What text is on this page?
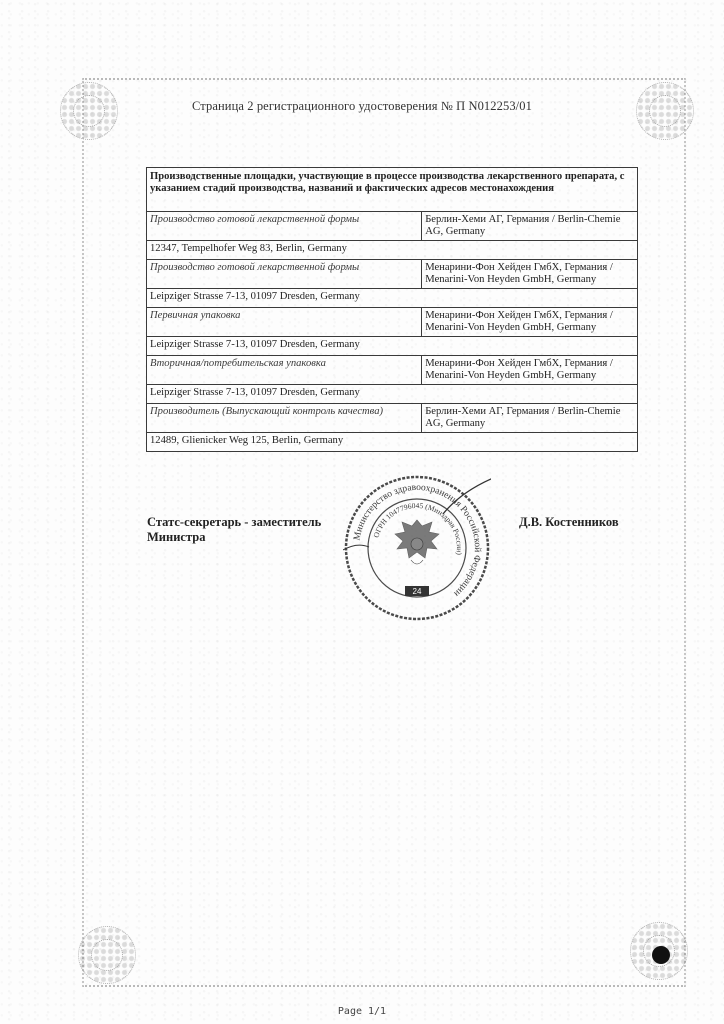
Страница 2 регистрационного удостоверения № П N012253/01
Производственные площадки, участвующие в процессе производства лекарственного препарата, с указанием стадий производства, названий и фактических адресов местонахождения	
Производство готовой лекарственной формы	Берлин-Хеми АГ, Германия / Berlin-Chemie AG, Germany
12347, Tempelhofer Weg 83, Berlin, Germany	
Производство готовой лекарственной формы	Менарини-Фон Хейден ГмбХ, Германия / Menarini-Von Heyden GmbH, Germany
Leipziger Strasse 7-13, 01097 Dresden, Germany	
Первичная упаковка	Менарини-Фон Хейден ГмбХ, Германия / Menarini-Von Heyden GmbH, Germany
Leipziger Strasse 7-13, 01097 Dresden, Germany	
Вторичная/потребительская упаковка	Менарини-Фон Хейден ГмбХ, Германия / Menarini-Von Heyden GmbH, Germany
Leipziger Strasse 7-13, 01097 Dresden, Germany	
Производитель (Выпускающий контроль качества)	Берлин-Хеми АГ, Германия / Berlin-Chemie AG, Germany
12489, Glienicker Weg 125, Berlin, Germany	
Статс-секретарь - заместитель
Министра
Д.В. Костенников
Министерство здравоохранения Российской Федерации
ОГРН 1047796045 (Минздрав России)
24
Page 1/1
